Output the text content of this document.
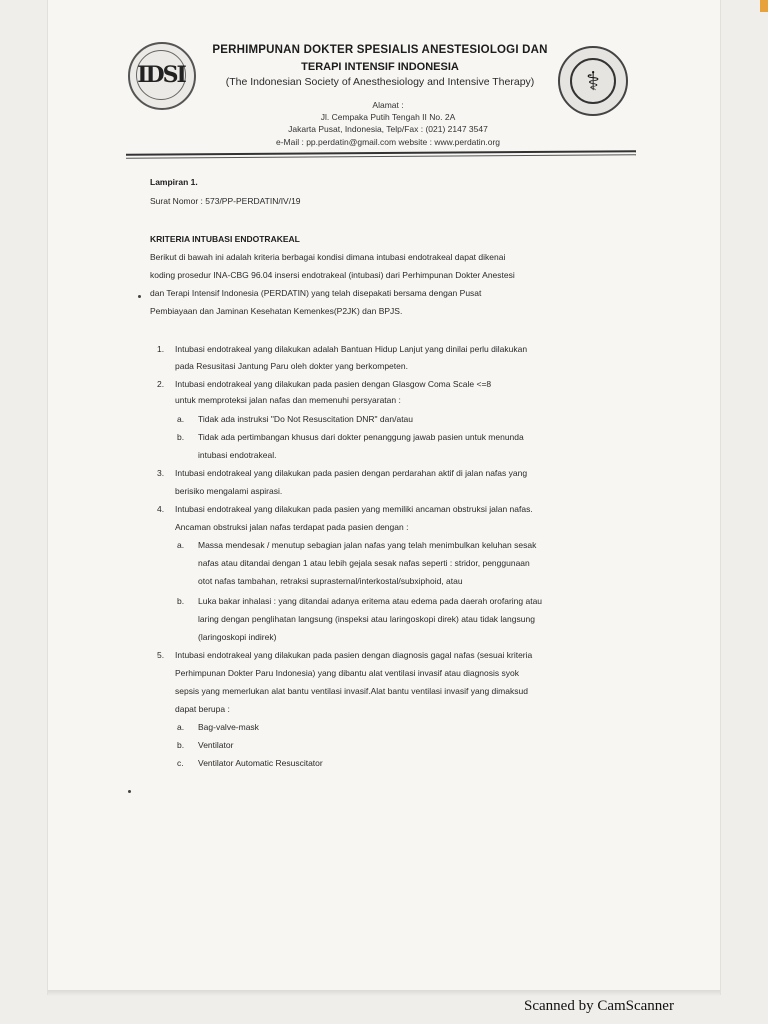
IDSI	⚕
PERHIMPUNAN DOKTER SPESIALIS ANESTESIOLOGI DAN
TERAPI INTENSIF INDONESIA
(The Indonesian Society of Anesthesiology and Intensive Therapy)
Alamat :
Jl. Cempaka Putih Tengah II No. 2A
Jakarta Pusat, Indonesia, Telp/Fax : (021) 2147 3547
e-Mail : pp.perdatin@gmail.com website : www.perdatin.org
Lampiran 1.
Surat Nomor : 573/PP-PERDATIN/IV/19
KRITERIA INTUBASI ENDOTRAKEAL
Berikut di bawah ini adalah kriteria berbagai kondisi dimana intubasi endotrakeal dapat dikenai
koding prosedur INA-CBG 96.04 insersi endotrakeal (intubasi) dari Perhimpunan Dokter Anestesi
dan Terapi Intensif Indonesia (PERDATIN) yang telah disepakati bersama dengan Pusat
Pembiayaan dan Jaminan Kesehatan Kemenkes(P2JK) dan BPJS.
1. Intubasi endotrakeal yang dilakukan adalah Bantuan Hidup Lanjut yang dinilai perlu dilakukan
pada Resusitasi Jantung Paru oleh dokter yang berkompeten.
2. Intubasi endotrakeal yang dilakukan pada pasien dengan Glasgow Coma Scale <=8
untuk memproteksi jalan nafas dan memenuhi persyaratan :
a. Tidak ada instruksi "Do Not Resuscitation DNR" dan/atau
b. Tidak ada pertimbangan khusus dari dokter penanggung jawab pasien untuk menunda
intubasi endotrakeal.
3. Intubasi endotrakeal yang dilakukan pada pasien dengan perdarahan aktif di jalan nafas yang
berisiko mengalami aspirasi.
4. Intubasi endotrakeal yang dilakukan pada pasien yang memiliki ancaman obstruksi jalan nafas.
Ancaman obstruksi jalan nafas terdapat pada pasien dengan :
a. Massa mendesak / menutup sebagian jalan nafas yang telah menimbulkan keluhan sesak
nafas atau ditandai dengan 1 atau lebih gejala sesak nafas seperti : stridor, penggunaan
otot nafas tambahan, retraksi suprasternal/interkostal/subxiphoid, atau
b. Luka bakar inhalasi : yang ditandai adanya eritema atau edema pada daerah orofaring atau
laring dengan penglihatan langsung (inspeksi atau laringoskopi direk) atau tidak langsung
(laringoskopi indirek)
5. Intubasi endotrakeal yang dilakukan pada pasien dengan diagnosis gagal nafas (sesuai kriteria
Perhimpunan Dokter Paru Indonesia) yang dibantu alat ventilasi invasif atau diagnosis syok
sepsis yang memerlukan alat bantu ventilasi invasif.Alat bantu ventilasi invasif yang dimaksud
dapat berupa :
a. Bag-valve-mask
b. Ventilator
c. Ventilator Automatic Resuscitator
Scanned by CamScanner
